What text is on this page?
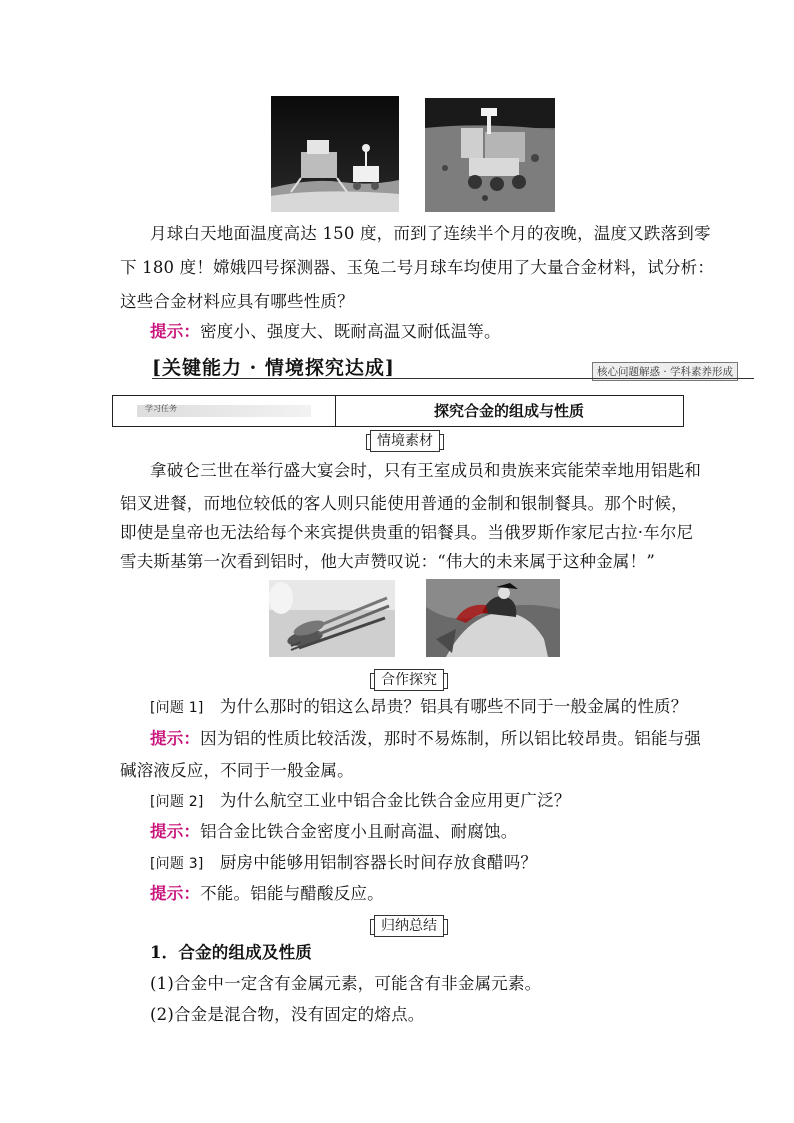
月球白天地面温度高达 150 度，而到了连续半个月的夜晚，温度又跌落到零
下 180 度！嫦娥四号探测器、玉兔二号月球车均使用了大量合金材料，试分析：
这些合金材料应具有哪些性质？
提示：密度小、强度大、既耐高温又耐低温等。
[关键能力 · 情境探究达成]	核心问题解惑 · 学科素养形成
学习任务	探究合金的组成与性质
情境素材
拿破仑三世在举行盛大宴会时，只有王室成员和贵族来宾能荣幸地用铝匙和
铝叉进餐，而地位较低的客人则只能使用普通的金制和银制餐具。那个时候，
即使是皇帝也无法给每个来宾提供贵重的铝餐具。当俄罗斯作家尼古拉·车尔尼
雪夫斯基第一次看到铝时，他大声赞叹说：“伟大的未来属于这种金属！”
合作探究
[问题 1] 为什么那时的铝这么昂贵？铝具有哪些不同于一般金属的性质？
提示：因为铝的性质比较活泼，那时不易炼制，所以铝比较昂贵。铝能与强
碱溶液反应，不同于一般金属。
[问题 2] 为什么航空工业中铝合金比铁合金应用更广泛？
提示：铝合金比铁合金密度小且耐高温、耐腐蚀。
[问题 3] 厨房中能够用铝制容器长时间存放食醋吗？
提示：不能。铝能与醋酸反应。
归纳总结
1．合金的组成及性质
(1)合金中一定含有金属元素，可能含有非金属元素。
(2)合金是混合物，没有固定的熔点。
